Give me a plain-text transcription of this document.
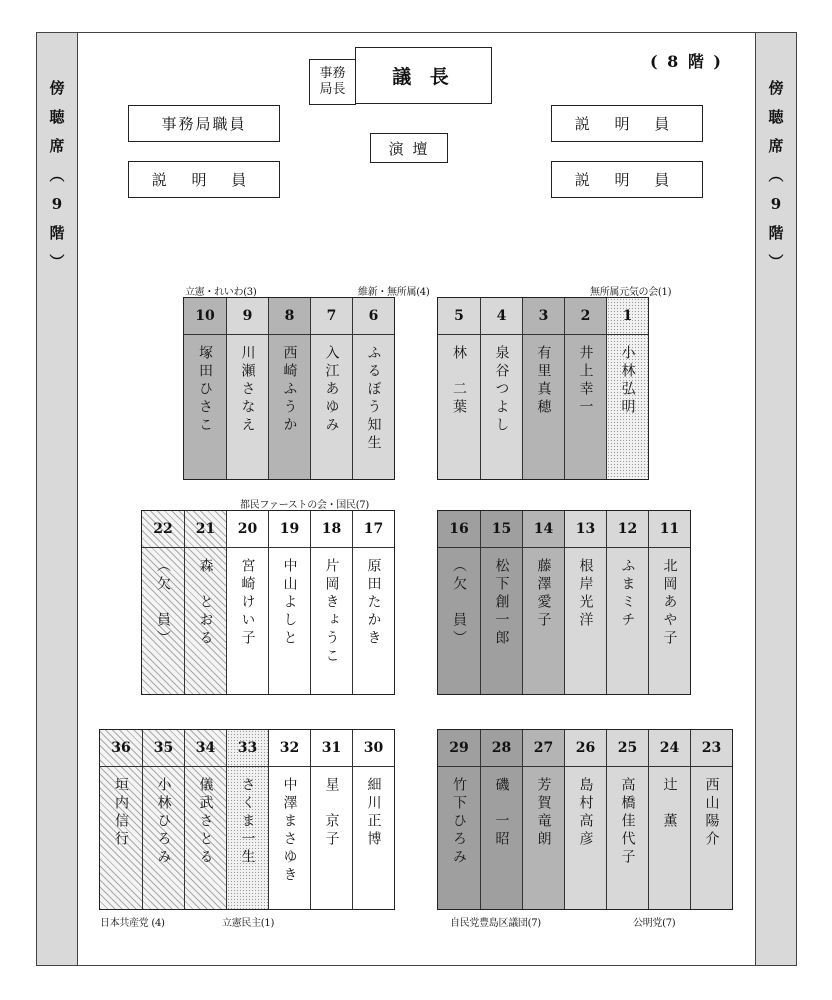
傍
聴
席
︵
9
階
︶
傍
聴
席
︵
9
階
︶
( 8 階 )
事務局長
議 長
演 壇
事務局職員
説 明 員
説 明 員
説 明 員
立憲・れいわ(3)	維新・無所属(4)	無所属元気の会(1)
都民ファーストの会・国民(7)
日本共産党 (4)	立憲民主(1)	自民党豊島区議団(7)	公明党(7)
10
塚田ひさこ
9
川瀬さなえ
8
西崎ふうか
7
入江あゆみ
6
ふるぼう知生
5
林　二葉
4
泉谷つよし
3
有里真穂
2
井上幸一
1
小林弘明
22
︵欠　員︶
21
森　とおる
20
宮崎けい子
19
中山よしと
18
片岡きょうこ
17
原田たかき
16
︵欠　員︶
15
松下創一郎
14
藤澤愛子
13
根岸光洋
12
ふまミチ
11
北岡あや子
36
垣内信行
35
小林ひろみ
34
儀武さとる
33
さくま一生
32
中澤まさゆき
31
星　京子
30
細川正博
29
竹下ひろみ
28
磯　一昭
27
芳賀竜朗
26
島村高彦
25
高橋佳代子
24
辻　薫
23
西山陽介
